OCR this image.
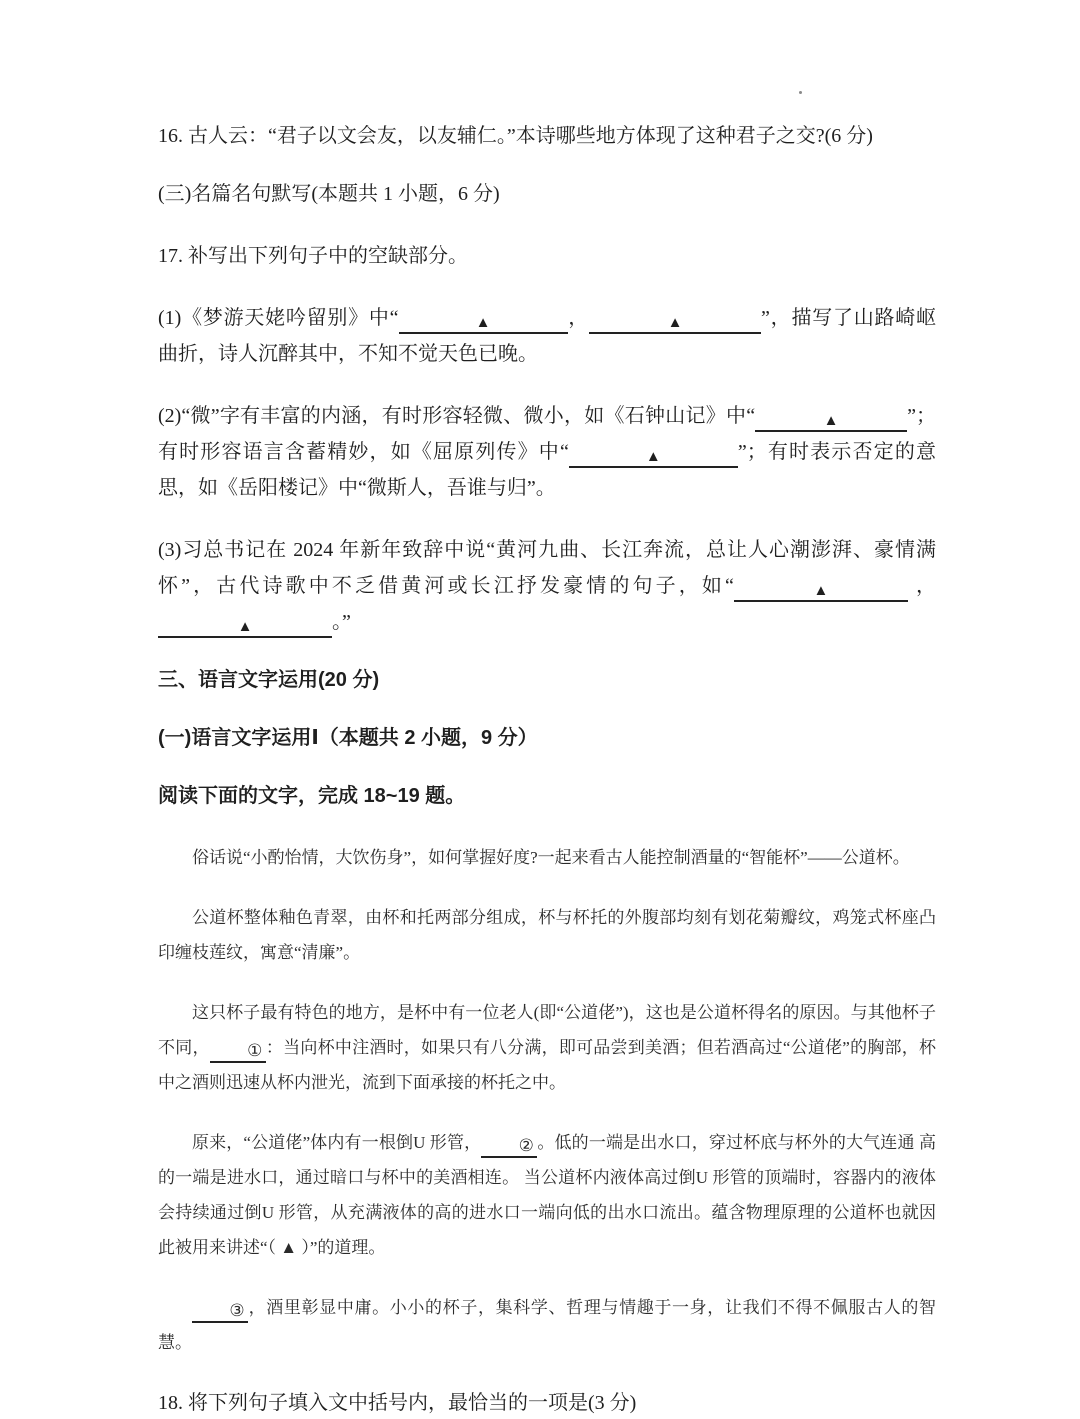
16. 古人云：“君子以文会友，以友辅仁。”本诗哪些地方体现了这种君子之交?(6 分)
(三)名篇名句默写(本题共 1 小题，6 分)
17. 补写出下列句子中的空缺部分。
(1)《梦游天姥吟留别》中“	▲	，	▲	”，描写了山路崎岖曲折，诗人沉醉其中，不知不觉天色已晚。
(2)“微”字有丰富的内涵，有时形容轻微、微小，如《石钟山记》中“	▲	”；有时形容语言含蓄精妙，如《屈原列传》中“	▲	”；有时表示否定的意思，如《岳阳楼记》中“微斯人，吾谁与归”。
(3)习总书记在 2024 年新年致辞中说“黄河九曲、长江奔流，总让人心潮澎湃、豪情满怀”，古代诗歌中不乏借黄河或长江抒发豪情的句子，如“	▲	，▲	。”
三、语言文字运用(20 分)
(一)语言文字运用Ⅰ（本题共 2 小题，9 分）
阅读下面的文字，完成 18~19 题。
俗话说“小酌怡情，大饮伤身”，如何掌握好度?一起来看古人能控制酒量的“智能杯”——公道杯。
公道杯整体釉色青翠，由杯和托两部分组成，杯与杯托的外腹部均刻有划花菊瓣纹，鸡笼式杯座凸印缠枝莲纹，寓意“清廉”。
这只杯子最有特色的地方，是杯中有一位老人(即“公道佬”)，这也是公道杯得名的原因。与其他杯子不同， ① ：当向杯中注酒时，如果只有八分满，即可品尝到美酒；但若酒高过“公道佬”的胸部，杯中之酒则迅速从杯内泄光，流到下面承接的杯托之中。
原来，“公道佬”体内有一根倒U 形管， ② 。低的一端是出水口，穿过杯底与杯外的大气连通 高的一端是进水口，通过暗口与杯中的美酒相连。 当公道杯内液体高过倒U 形管的顶端时，容器内的液体会持续通过倒U 形管，从充满液体的高的进水口一端向低的出水口流出。蕴含物理原理的公道杯也就因此被用来讲述“（ ▲ ）”的道理。
③ ，酒里彰显中庸。小小的杯子，集科学、哲理与情趣于一身，让我们不得不佩服古人的智慧。
18. 将下列句子填入文中括号内，最恰当的一项是(3 分)
